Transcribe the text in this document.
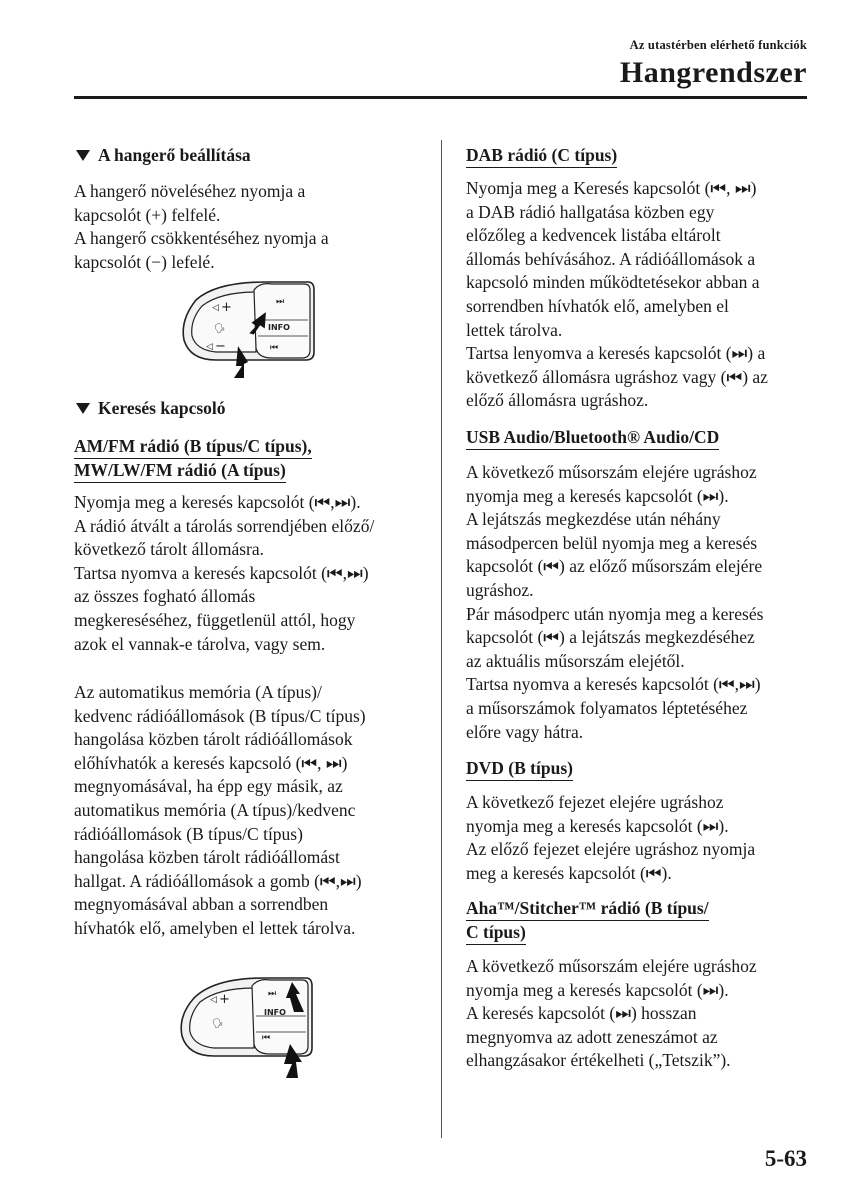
Az utastérben elérhető funkciók
Hangrendszer
A hangerő beállítása

A hangerő növeléséhez nyomja a
kapcsolót (+) felfelé.
A hangerő csökkentéséhez nyomja a
kapcsolót (−) lefelé.

◁ +
◁ −
🗣
⏭
INFO
⏮
Keresés kapcsoló
AM/FM rádió (B típus/C típus),
MW/LW/FM rádió (A típus)

Nyomja meg a keresés kapcsolót (⏮,⏭).
A rádió átvált a tárolás sorrendjében előző/
következő tárolt állomásra.
Tartsa nyomva a keresés kapcsolót (⏮,⏭)
az összes fogható állomás
megkereséséhez, függetlenül attól, hogy
azok el vannak-e tárolva, vagy sem.

Az automatikus memória (A típus)/
kedvenc rádióállomások (B típus/C típus)
hangolása közben tárolt rádióállomások
előhívhatók a keresés kapcsoló (⏮, ⏭)
megnyomásával, ha épp egy másik, az
automatikus memória (A típus)/kedvenc
rádióállomások (B típus/C típus)
hangolása közben tárolt rádióállomást
hallgat. A rádióállomások a gomb (⏮,⏭)
megnyomásával abban a sorrendben
hívhatók elő, amelyben el lettek tárolva.

◁ +
🗣
⏭
INFO
⏮
DAB rádió (C típus)

Nyomja meg a Keresés kapcsolót (⏮, ⏭)
a DAB rádió hallgatása közben egy
előzőleg a kedvencek listába eltárolt
állomás behívásához. A rádióállomások a
kapcsoló minden működtetésekor abban a
sorrendben hívhatók elő, amelyben el
lettek tárolva.
Tartsa lenyomva a keresés kapcsolót (⏭) a
következő állomásra ugráshoz vagy (⏮) az
előző állomásra ugráshoz.

USB Audio/Bluetooth® Audio/CD

A következő műsorszám elejére ugráshoz
nyomja meg a keresés kapcsolót (⏭).
A lejátszás megkezdése után néhány
másodpercen belül nyomja meg a keresés
kapcsolót (⏮) az előző műsorszám elejére
ugráshoz.
Pár másodperc után nyomja meg a keresés
kapcsolót (⏮) a lejátszás megkezdéséhez
az aktuális műsorszám elejétől.
Tartsa nyomva a keresés kapcsolót (⏮,⏭)
a műsorszámok folyamatos léptetéséhez
előre vagy hátra.

DVD (B típus)

A következő fejezet elejére ugráshoz
nyomja meg a keresés kapcsolót (⏭).
Az előző fejezet elejére ugráshoz nyomja
meg a keresés kapcsolót (⏮).

Aha™/Stitcher™ rádió (B típus/
C típus)

A következő műsorszám elejére ugráshoz
nyomja meg a keresés kapcsolót (⏭).
A keresés kapcsolót (⏭) hosszan
megnyomva az adott zeneszámot az
elhangzásakor értékelheti („Tetszik”).

5-63
